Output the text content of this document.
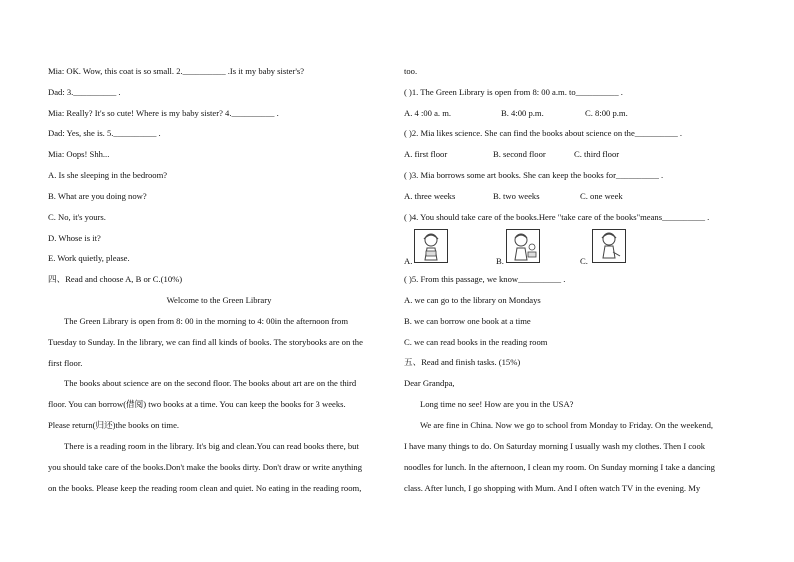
Mia: OK. Wow, this coat is so small. 2.__________ .Is it my baby sister's?
Dad: 3.__________ .
Mia: Really? It's so cute! Where is my baby sister? 4.__________ .
Dad: Yes, she is. 5.__________ .
Mia: Oops! Shh...
A. Is she sleeping in the bedroom?
B. What are you doing now?
C. No, it's yours.
D. Whose is it?
E. Work quietly, please.
四、Read and choose A, B or C.(10%)
Welcome to the Green Library
The Green Library is open from 8: 00 in the morning to 4: 00in the afternoon from
Tuesday to Sunday. In the library, we can find all kinds of books. The storybooks are on the
first floor.
The books about science are on the second floor. The books about art are on the third
floor. You can borrow(借阅) two books at a time. You can keep the books for 3 weeks.
Please return(归还)the books on time.
There is a reading room in the library. It's big and clean.You can read books there, but
you should take care of the books.Don't make the books dirty. Don't draw or write anything
on the books. Please keep the reading room clean and quiet. No eating in the reading room,
too.
( )1. The Green Library is open from 8: 00 a.m. to__________ .
A. 4 :00 a. m.	B. 4:00 p.m.	C. 8:00 p.m.
( )2. Mia likes science. She can find the books about science on the__________ .
A. first floor	B. second floor	C. third floor
( )3. Mia borrows some art books. She can keep the books for__________ .
A. three weeks	B. two weeks	C. one week
( )4. You should take care of the books.Here "take care of the books"means__________ .
A.	B.	C.
( )5. From this passage, we know__________ .
A. we can go to the library on Mondays
B. we can borrow one book at a time
C. we can read books in the reading room
五、Read and finish tasks. (15%)
Dear Grandpa,
Long time no see! How are you in the USA?
We are fine in China. Now we go to school from Monday to Friday. On the weekend,
I have many things to do. On Saturday morning I usually wash my clothes. Then I cook
noodles for lunch. In the afternoon, I clean my room. On Sunday morning I take a dancing
class. After lunch, I go shopping with Mum. And I often watch TV in the evening. My
